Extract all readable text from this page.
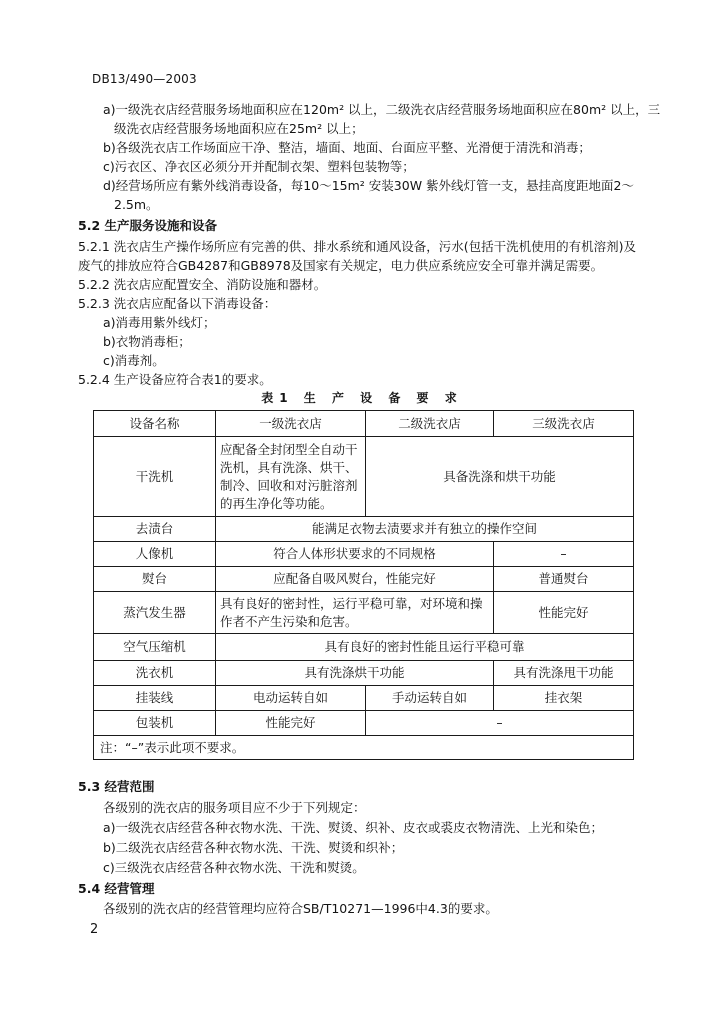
DB13/490—2003
a)一级洗衣店经营服务场地面积应在120m² 以上，二级洗衣店经营服务场地面积应在80m² 以上，三
级洗衣店经营服务场地面积应在25m² 以上；
b)各级洗衣店工作场面应干净、整洁，墙面、地面、台面应平整、光滑便于清洗和消毒；
c)污衣区、净衣区必须分开并配制衣架、塑料包装物等；
d)经营场所应有紫外线消毒设备，每10～15m² 安装30W 紫外线灯管一支，悬挂高度距地面2～
2.5m。
5.2 生产服务设施和设备
5.2.1 洗衣店生产操作场所应有完善的供、排水系统和通风设备，污水(包括干洗机使用的有机溶剂)及
废气的排放应符合GB4287和GB8978及国家有关规定，电力供应系统应安全可靠并满足需要。
5.2.2 洗衣店应配置安全、消防设施和器材。
5.2.3 洗衣店应配备以下消毒设备：
a)消毒用紫外线灯；
b)衣物消毒柜；
c)消毒剂。
5.2.4 生产设备应符合表1的要求。
表1 生 产 设 备 要 求
设备名称	一级洗衣店	二级洗衣店	三级洗衣店
干洗机	应配备全封闭型全自动干洗机，具有洗涤、烘干、制冷、回收和对污脏溶剂的再生净化等功能。	具备洗涤和烘干功能	
去渍台	能满足衣物去渍要求并有独立的操作空间		
人像机	符合人体形状要求的不同规格		–
熨台	应配备自吸风熨台，性能完好		普通熨台
蒸汽发生器	具有良好的密封性，运行平稳可靠，对环境和操作者不产生污染和危害。		性能完好
空气压缩机	具有良好的密封性能且运行平稳可靠		
洗衣机	具有洗涤烘干功能		具有洗涤甩干功能
挂装线	电动运转自如	手动运转自如	挂衣架
包装机	性能完好	–	
注：“–”表示此项不要求。			
5.3 经营范围
各级别的洗衣店的服务项目应不少于下列规定：
a)一级洗衣店经营各种衣物水洗、干洗、熨烫、织补、皮衣或裘皮衣物清洗、上光和染色；
b)二级洗衣店经营各种衣物水洗、干洗、熨烫和织补；
c)三级洗衣店经营各种衣物水洗、干洗和熨烫。
5.4 经营管理
各级别的洗衣店的经营管理均应符合SB/T10271—1996中4.3的要求。
2
